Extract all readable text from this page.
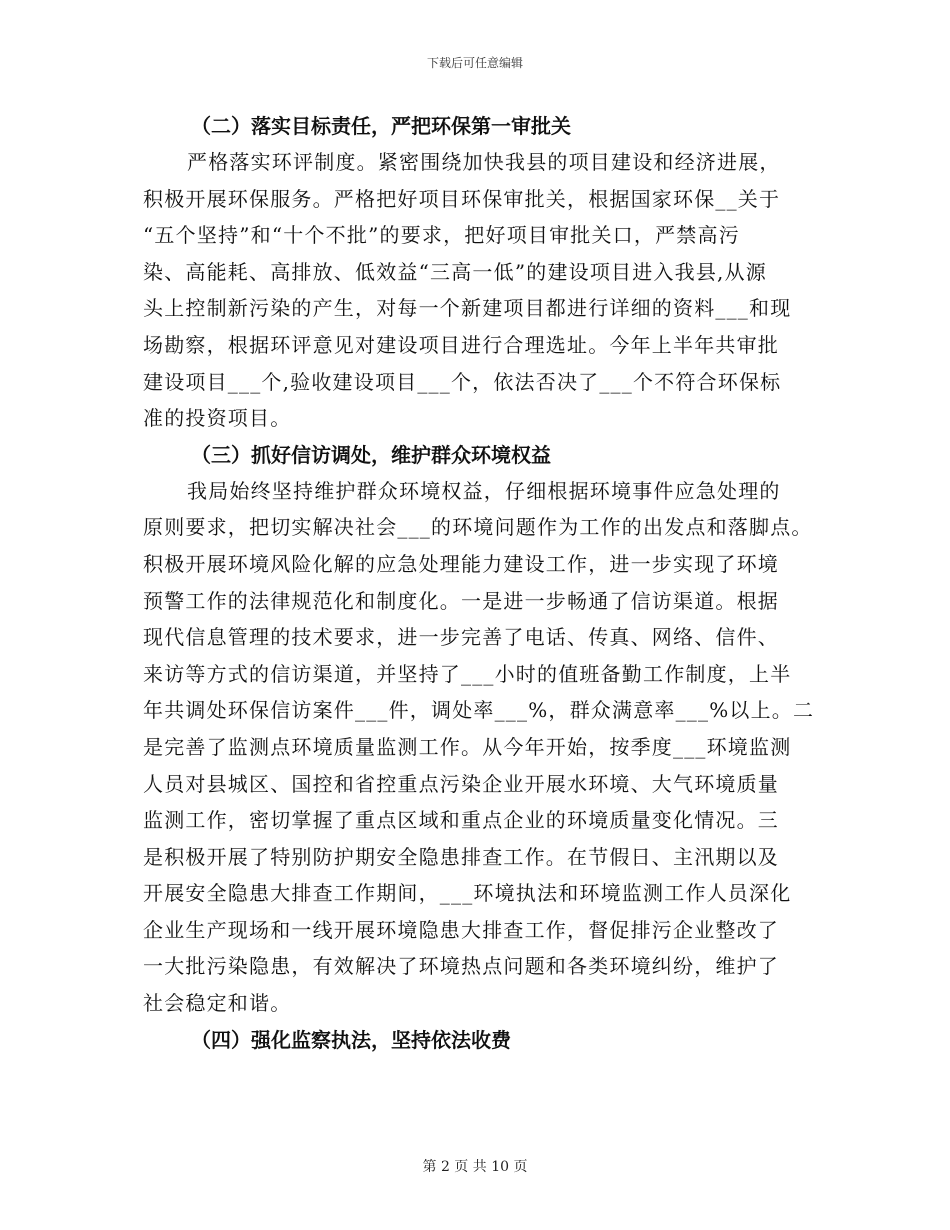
下载后可任意编辑
（二）落实目标责任，严把环保第一审批关
严格落实环评制度。紧密围绕加快我县的项目建设和经济进展，
积极开展环保服务。严格把好项目环保审批关，根据国家环保__关于
“五个坚持”和“十个不批”的要求，把好项目审批关口，严禁高污
染、高能耗、高排放、低效益“三高一低”的建设项目进入我县,从源
头上控制新污染的产生，对每一个新建项目都进行详细的资料___和现
场勘察，根据环评意见对建设项目进行合理选址。今年上半年共审批
建设项目___个,验收建设项目___个，依法否决了___个不符合环保标
准的投资项目。
（三）抓好信访调处，维护群众环境权益
我局始终坚持维护群众环境权益，仔细根据环境事件应急处理的
原则要求，把切实解决社会___的环境问题作为工作的出发点和落脚点。
积极开展环境风险化解的应急处理能力建设工作，进一步实现了环境
预警工作的法律规范化和制度化。一是进一步畅通了信访渠道。根据
现代信息管理的技术要求，进一步完善了电话、传真、网络、信件、
来访等方式的信访渠道，并坚持了___小时的值班备勤工作制度，上半
年共调处环保信访案件___件，调处率___%，群众满意率___%以上。二
是完善了监测点环境质量监测工作。从今年开始，按季度___环境监测
人员对县城区、国控和省控重点污染企业开展水环境、大气环境质量
监测工作，密切掌握了重点区域和重点企业的环境质量变化情况。三
是积极开展了特别防护期安全隐患排查工作。在节假日、主汛期以及
开展安全隐患大排查工作期间，___环境执法和环境监测工作人员深化
企业生产现场和一线开展环境隐患大排查工作，督促排污企业整改了
一大批污染隐患，有效解决了环境热点问题和各类环境纠纷，维护了
社会稳定和谐。
（四）强化监察执法，坚持依法收费
第 2 页 共 10 页
